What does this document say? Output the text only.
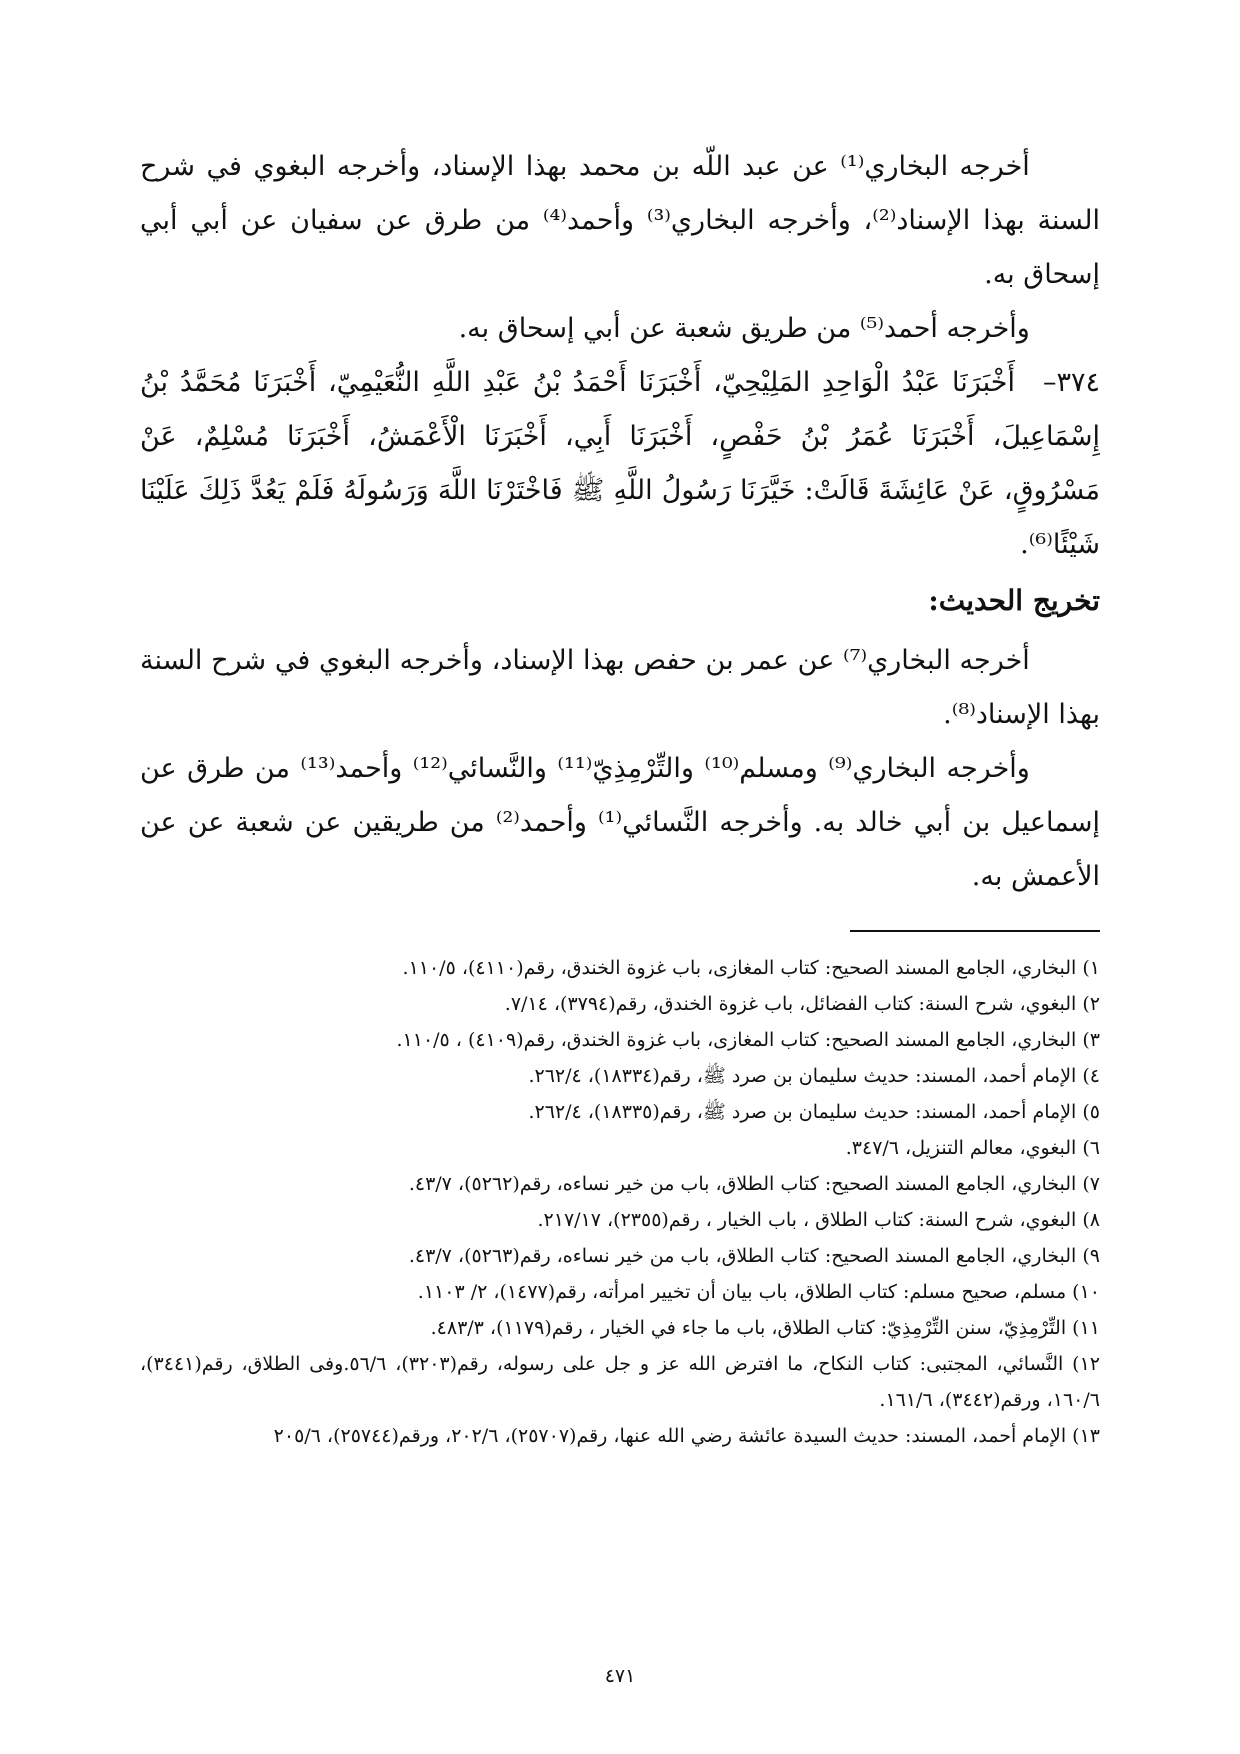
أخرجه البخاري⁽¹⁾ عن عبد اللّه بن محمد بهذا الإسناد، وأخرجه البغوي في شرح السنة بهذا الإسناد⁽²⁾، وأخرجه البخاري⁽³⁾ وأحمد⁽⁴⁾ من طرق عن سفيان عن أبي أبي إسحاق به.

وأخرجه أحمد⁽⁵⁾ من طريق شعبة عن أبي إسحاق به.

٣٧٤–أَخْبَرَنَا عَبْدُ الْوَاحِدِ المَلِيْحِيّ، أَخْبَرَنَا أَحْمَدُ بْنُ عَبْدِ اللَّهِ النُّعَيْمِيّ، أَخْبَرَنَا مُحَمَّدُ بْنُ إِسْمَاعِيلَ، أَخْبَرَنَا عُمَرُ بْنُ حَفْصٍ، أَخْبَرَنَا أَبِي، أَخْبَرَنَا الْأَعْمَشُ، أَخْبَرَنَا مُسْلِمٌ، عَنْ مَسْرُوقٍ، عَنْ عَائِشَةَ قَالَتْ: خَيَّرَنَا رَسُولُ اللَّهِ ﷺ فَاخْتَرْنَا اللَّهَ وَرَسُولَهُ فَلَمْ يَعُدَّ ذَلِكَ عَلَيْنَا شَيْئًا⁽⁶⁾.

تخريج الحديث:

أخرجه البخاري⁽⁷⁾ عن عمر بن حفص بهذا الإسناد، وأخرجه البغوي في شرح السنة بهذا الإسناد⁽⁸⁾.

وأخرجه البخاري⁽⁹⁾ ومسلم⁽¹⁰⁾ والتِّرْمِذِيّ⁽¹¹⁾ والنَّسائي⁽¹²⁾ وأحمد⁽¹³⁾ من طرق عن إسماعيل بن أبي خالد به. وأخرجه النَّسائي⁽¹⁾ وأحمد⁽²⁾ من طريقين عن شعبة عن عن الأعمش به.

١) البخاري، الجامع المسند الصحيح: كتاب المغازى، باب غزوة الخندق، رقم(٤١١٠)، ١١٠/٥.
٢) البغوي، شرح السنة: كتاب الفضائل، باب غزوة الخندق، رقم(٣٧٩٤)، ٧/١٤.
٣) البخاري، الجامع المسند الصحيح: كتاب المغازى، باب غزوة الخندق، رقم(٤١٠٩) ، ١١٠/٥.
٤) الإمام أحمد، المسند: حديث سليمان بن صرد ﷺ، رقم(١٨٣٣٤)، ٢٦٢/٤.
٥) الإمام أحمد، المسند: حديث سليمان بن صرد ﷺ، رقم(١٨٣٣٥)، ٢٦٢/٤.
٦) البغوي، معالم التنزيل، ٣٤٧/٦.
٧) البخاري، الجامع المسند الصحيح: كتاب الطلاق، باب من خير نساءه، رقم(٥٢٦٢)، ٤٣/٧.
٨) البغوي، شرح السنة: كتاب الطلاق ، باب الخيار ، رقم(٢٣٥٥)، ٢١٧/١٧.
٩) البخاري، الجامع المسند الصحيح: كتاب الطلاق، باب من خير نساءه، رقم(٥٢٦٣)، ٤٣/٧.
١٠) مسلم، صحيح مسلم: كتاب الطلاق، باب بيان أن تخيير امرأته، رقم(١٤٧٧)، ٢/ ١١٠٣.
١١) التِّرْمِذِيّ، سنن التِّرْمِذِيّ: كتاب الطلاق، باب ما جاء في الخيار ، رقم(١١٧٩)، ٤٨٣/٣.
١٢) النَّسائي، المجتبى: كتاب النكاح، ما افترض الله عز و جل على رسوله، رقم(٣٢٠٣)، ٥٦/٦.وفى الطلاق، رقم(٣٤٤١)، ١٦٠/٦، ورقم(٣٤٤٢)، ١٦١/٦.
١٣) الإمام أحمد، المسند: حديث السيدة عائشة رضي الله عنها، رقم(٢٥٧٠٧)، ٢٠٢/٦، ورقم(٢٥٧٤٤)، ٢٠٥/٦
٤٧١
